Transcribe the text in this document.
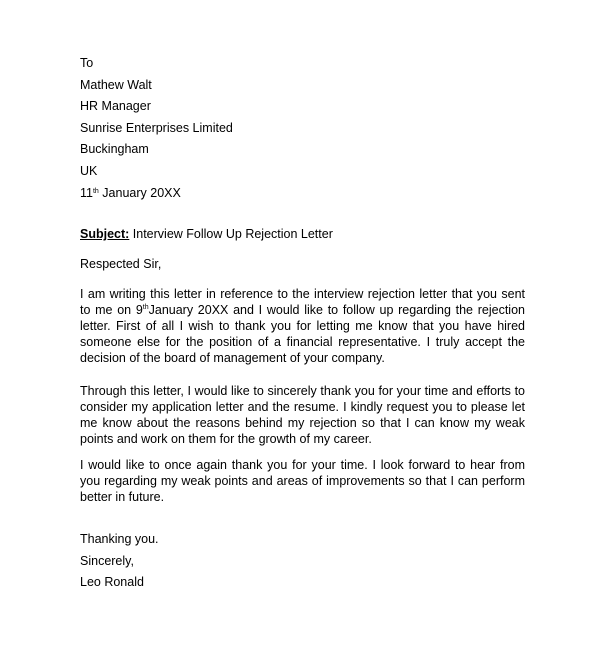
To
Mathew Walt
HR Manager
Sunrise Enterprises Limited
Buckingham
UK
11th January 20XX
Subject: Interview Follow Up Rejection Letter
Respected Sir,
I am writing this letter in reference to the interview rejection letter that you sent to me on 9thJanuary 20XX and I would like to follow up regarding the rejection letter. First of all I wish to thank you for letting me know that you have hired someone else for the position of a financial representative. I truly accept the decision of the board of management of your company.
Through this letter, I would like to sincerely thank you for your time and efforts to consider my application letter and the resume. I kindly request you to please let me know about the reasons behind my rejection so that I can know my weak points and work on them for the growth of my career.
I would like to once again thank you for your time. I look forward to hear from you regarding my weak points and areas of improvements so that I can perform better in future.
Thanking you.
Sincerely,
Leo Ronald
